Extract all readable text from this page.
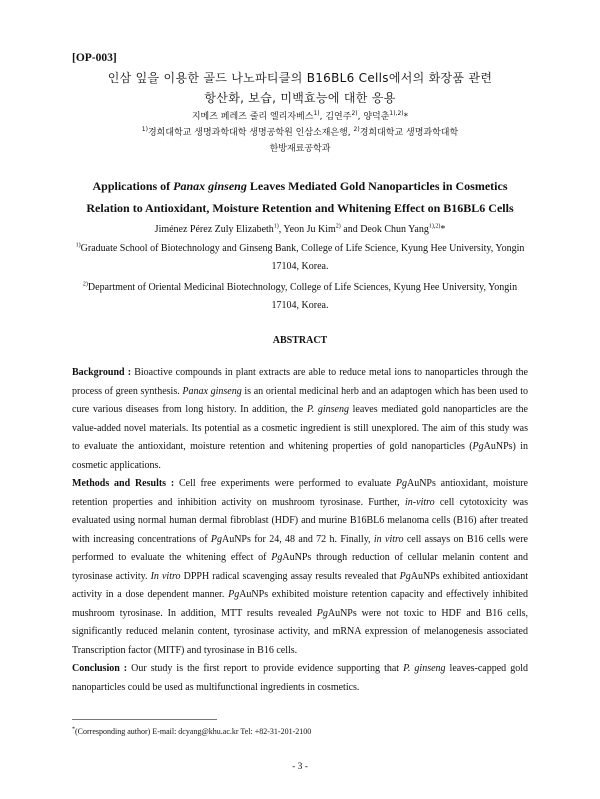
[OP-003]
인삼 잎을 이용한 골드 나노파티클의 B16BL6 Cells에서의 화장품 관련
항산화, 보습, 미백효능에 대한 응용
지메즈 페레즈 줄리 엘리자베스$^{1)}$, 김연주$^{2)}$, 양덕춘$^{1),2)}$*
$^{1)}$경희대학교 생명과학대학 생명공학원 인삼소재은행, $^{2)}$경희대학교 생명과학대학
한방재료공학과
Applications of Panax ginseng Leaves Mediated Gold Nanoparticles in Cosmetics Relation to Antioxidant, Moisture Retention and Whitening Effect on B16BL6 Cells
Jiménez Pérez Zuly Elizabeth$^{1)}$, Yeon Ju Kim$^{2)}$ and Deok Chun Yang$^{1),2)}$*
$^{1)}$Graduate School of Biotechnology and Ginseng Bank, College of Life Science, Kyung Hee University, Yongin 17104, Korea.
$^{2)}$Department of Oriental Medicinal Biotechnology, College of Life Sciences, Kyung Hee University, Yongin 17104, Korea.
ABSTRACT
Background : Bioactive compounds in plant extracts are able to reduce metal ions to nanoparticles through the process of green synthesis. Panax ginseng is an oriental medicinal herb and an adaptogen which has been used to cure various diseases from long history. In addition, the P. ginseng leaves mediated gold nanoparticles are the value-added novel materials. Its potential as a cosmetic ingredient is still unexplored. The aim of this study was to evaluate the antioxidant, moisture retention and whitening properties of gold nanoparticles (PgAuNPs) in cosmetic applications.
Methods and Results : Cell free experiments were performed to evaluate PgAuNPs antioxidant, moisture retention properties and inhibition activity on mushroom tyrosinase. Further, in-vitro cell cytotoxicity was evaluated using normal human dermal fibroblast (HDF) and murine B16BL6 melanoma cells (B16) after treated with increasing concentrations of PgAuNPs for 24, 48 and 72 h. Finally, in vitro cell assays on B16 cells were performed to evaluate the whitening effect of PgAuNPs through reduction of cellular melanin content and tyrosinase activity. In vitro DPPH radical scavenging assay results revealed that PgAuNPs exhibited antioxidant activity in a dose dependent manner. PgAuNPs exhibited moisture retention capacity and effectively inhibited mushroom tyrosinase. In addition, MTT results revealed PgAuNPs were not toxic to HDF and B16 cells, significantly reduced melanin content, tyrosinase activity, and mRNA expression of melanogenesis associated Transcription factor (MITF) and tyrosinase in B16 cells.
Conclusion : Our study is the first report to provide evidence supporting that P. ginseng leaves-capped gold nanoparticles could be used as multifunctional ingredients in cosmetics.
*(Corresponding author) E-mail: dcyang@khu.ac.kr Tel: +82-31-201-2100
- 3 -
